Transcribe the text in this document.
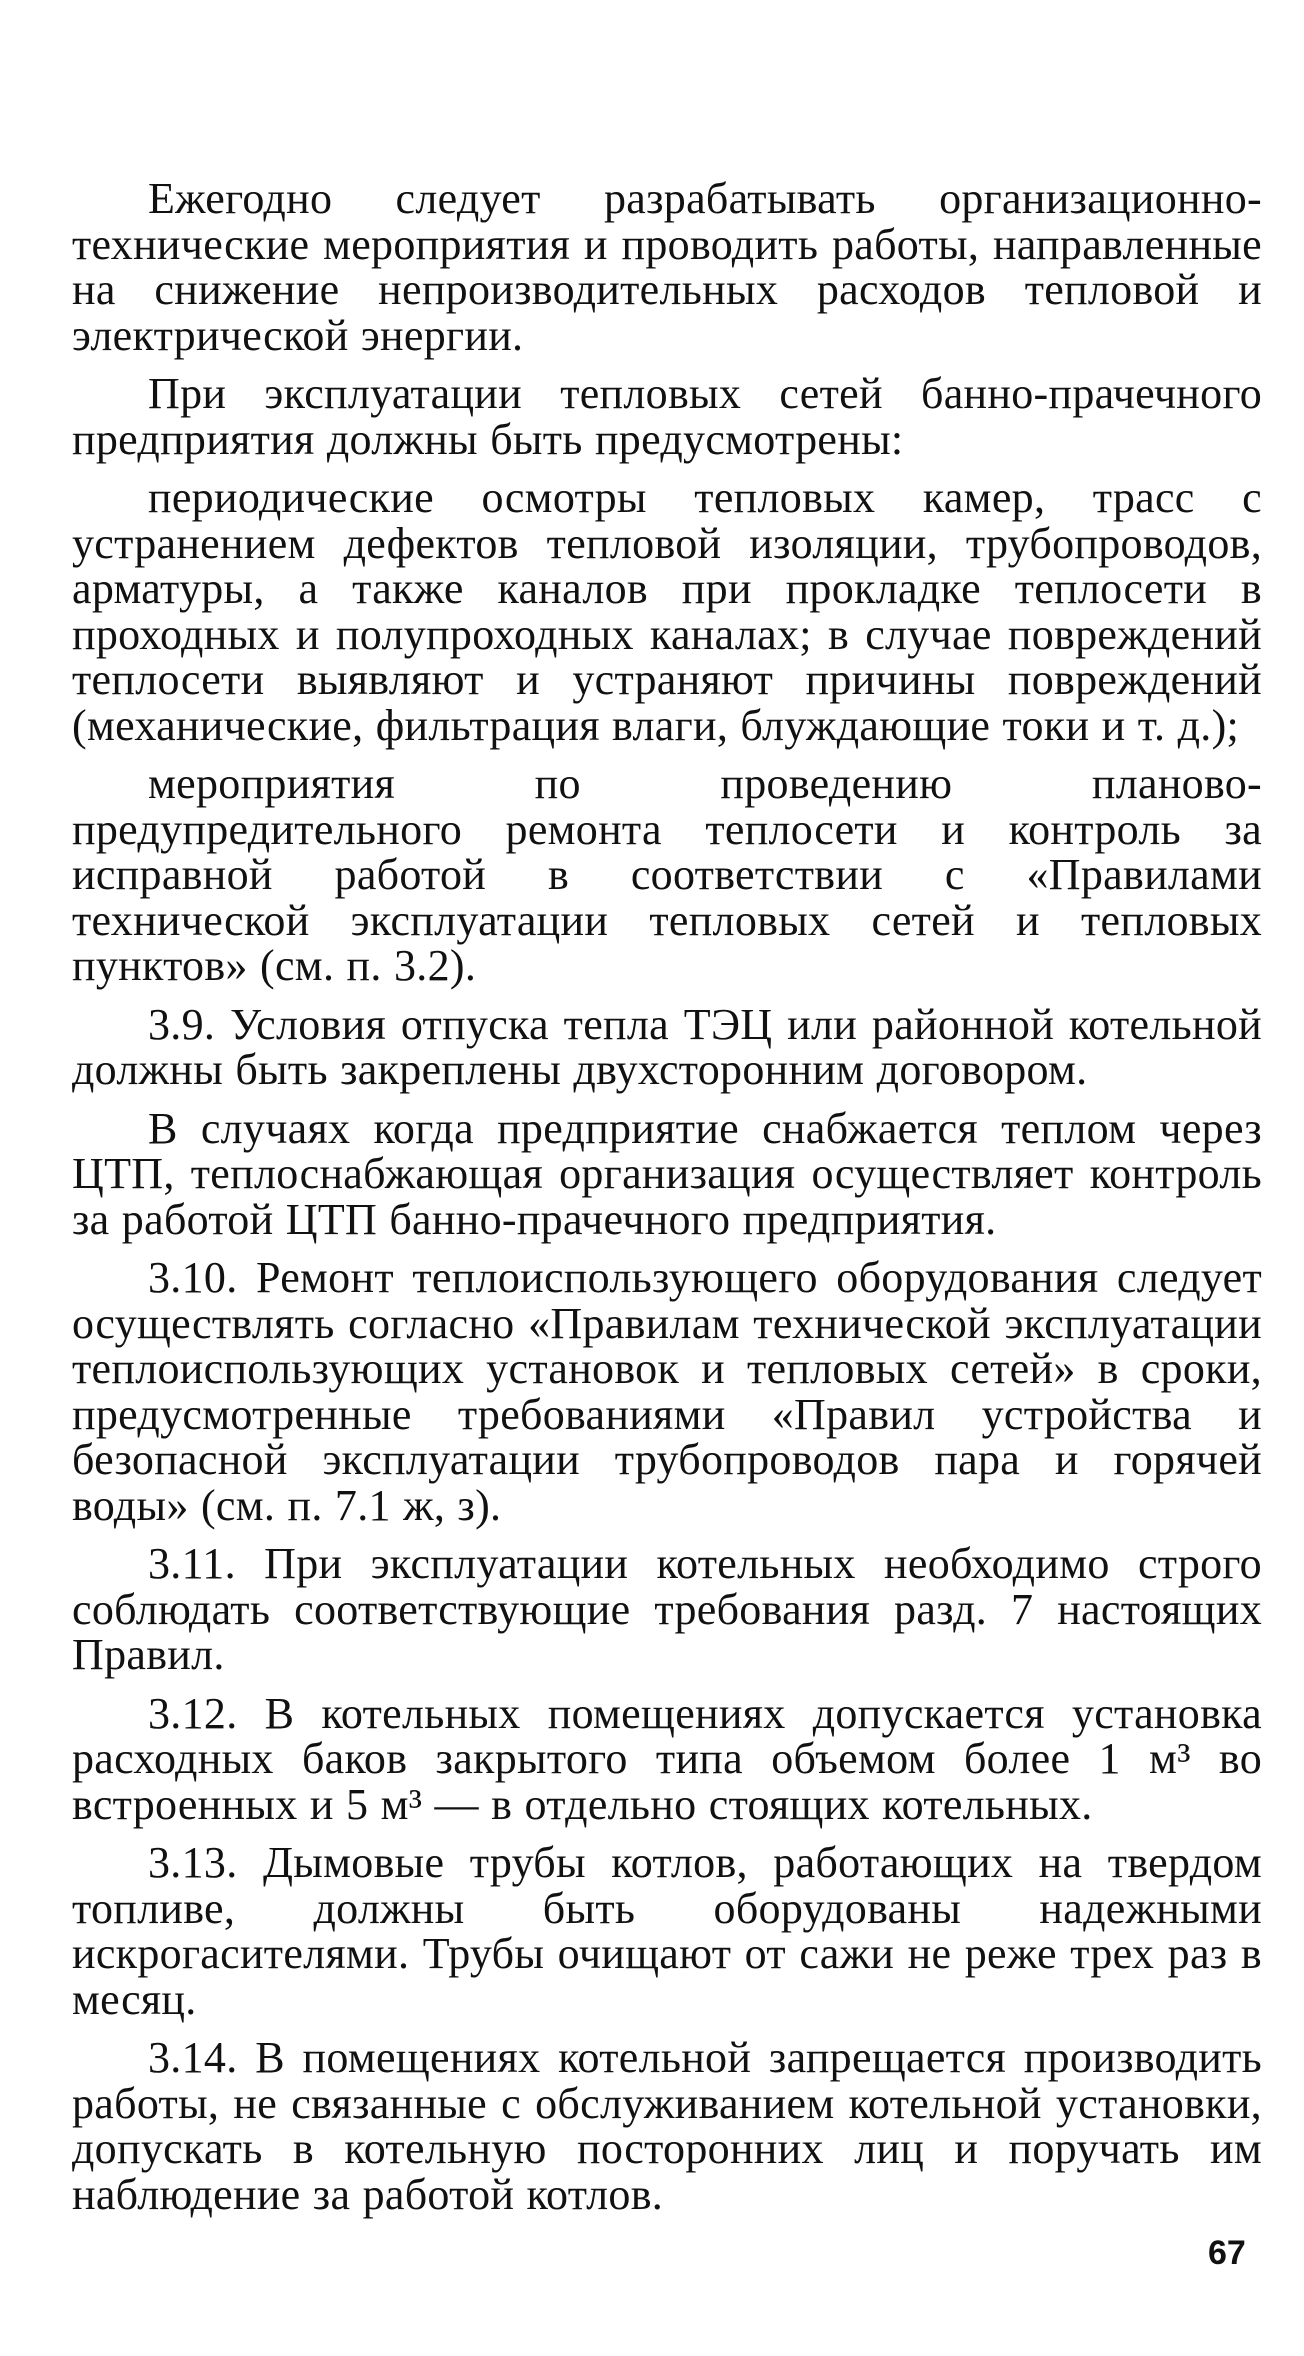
Ежегодно следует разрабатывать организационно-технические мероприятия и проводить работы, направленные на снижение непроизводительных расходов тепловой и электрической энергии.

При эксплуатации тепловых сетей банно-прачечного предприятия должны быть предусмотрены:

периодические осмотры тепловых камер, трасс с устранением дефектов тепловой изоляции, трубопроводов, арматуры, а также каналов при прокладке теплосети в проходных и полупроходных каналах; в случае повреждений теплосети выявляют и устраняют причины повреждений (механические, фильтрация влаги, блуждающие токи и т. д.);

мероприятия по проведению планово-предупредительного ремонта теплосети и контроль за исправной работой в соответствии с «Правилами технической эксплуатации тепловых сетей и тепловых пунктов» (см. п. 3.2).

3.9. Условия отпуска тепла ТЭЦ или районной котельной должны быть закреплены двухсторонним договором.

В случаях когда предприятие снабжается теплом через ЦТП, теплоснабжающая организация осуществляет контроль за работой ЦТП банно-прачечного предприятия.

3.10. Ремонт теплоиспользующего оборудования следует осуществлять согласно «Правилам технической эксплуатации теплоиспользующих установок и тепловых сетей» в сроки, предусмотренные требованиями «Правил устройства и безопасной эксплуатации трубопроводов пара и горячей воды» (см. п. 7.1 ж, з).

3.11. При эксплуатации котельных необходимо строго соблюдать соответствующие требования разд. 7 настоящих Правил.

3.12. В котельных помещениях допускается установка расходных баков закрытого типа объемом более 1 м³ во встроенных и 5 м³ — в отдельно стоящих котельных.

3.13. Дымовые трубы котлов, работающих на твердом топливе, должны быть оборудованы надежными искрогасителями. Трубы очищают от сажи не реже трех раз в месяц.

3.14. В помещениях котельной запрещается производить работы, не связанные с обслуживанием котельной установки, допускать в котельную посторонних лиц и поручать им наблюдение за работой котлов.

67
